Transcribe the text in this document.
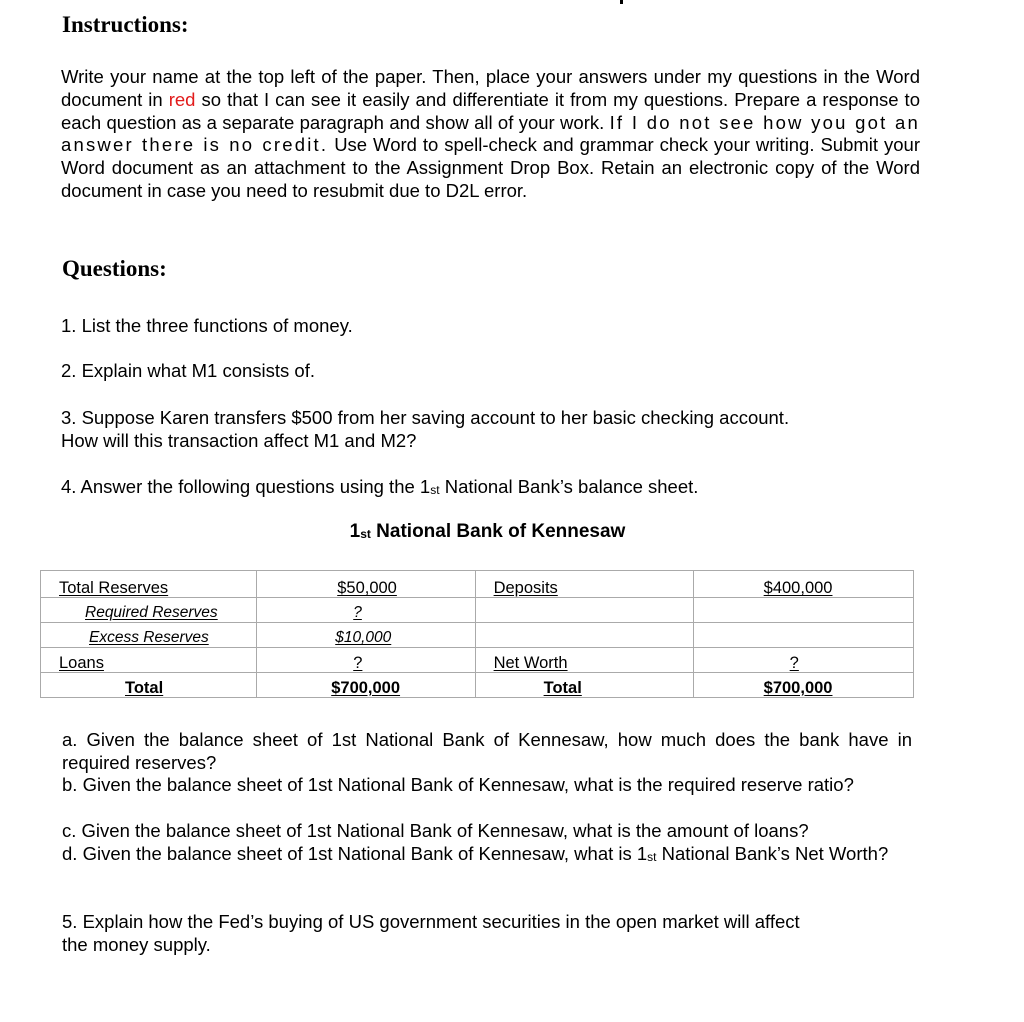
Instructions:

Write your name at the top left of the paper. Then, place your answers under my questions in the Word document in red so that I can see it easily and differentiate it from my questions. Prepare a response to each question as a separate paragraph and show all of your work. If I do not see how you got an answer there is no credit. Use Word to spell-check and grammar check your writing. Submit your Word document as an attachment to the Assignment Drop Box. Retain an electronic copy of the Word document in case you need to resubmit due to D2L error.

Questions:

1. List the three functions of money.

2. Explain what M1 consists of.

3. Suppose Karen transfers $500 from her saving account to her basic checking account.

How will this transaction affect M1 and M2?

4. Answer the following questions using the 1st National Bank’s balance sheet.

1st National Bank of Kennesaw

Total Reserves	$50,000	Deposits	$400,000

Required Reserves	?		

Excess Reserves	$10,000		

Loans	?	Net Worth	?

Total	$700,000	Total	$700,000

a. Given the balance sheet of 1st National Bank of Kennesaw, how much does the bank have in required reserves?

b. Given the balance sheet of 1st National Bank of Kennesaw, what is the required reserve ratio?

c. Given the balance sheet of 1st National Bank of Kennesaw, what is the amount of loans?

d. Given the balance sheet of 1st National Bank of Kennesaw, what is 1st National Bank’s Net Worth?

5. Explain how the Fed’s buying of US government securities in the open market will affect

the money supply.
